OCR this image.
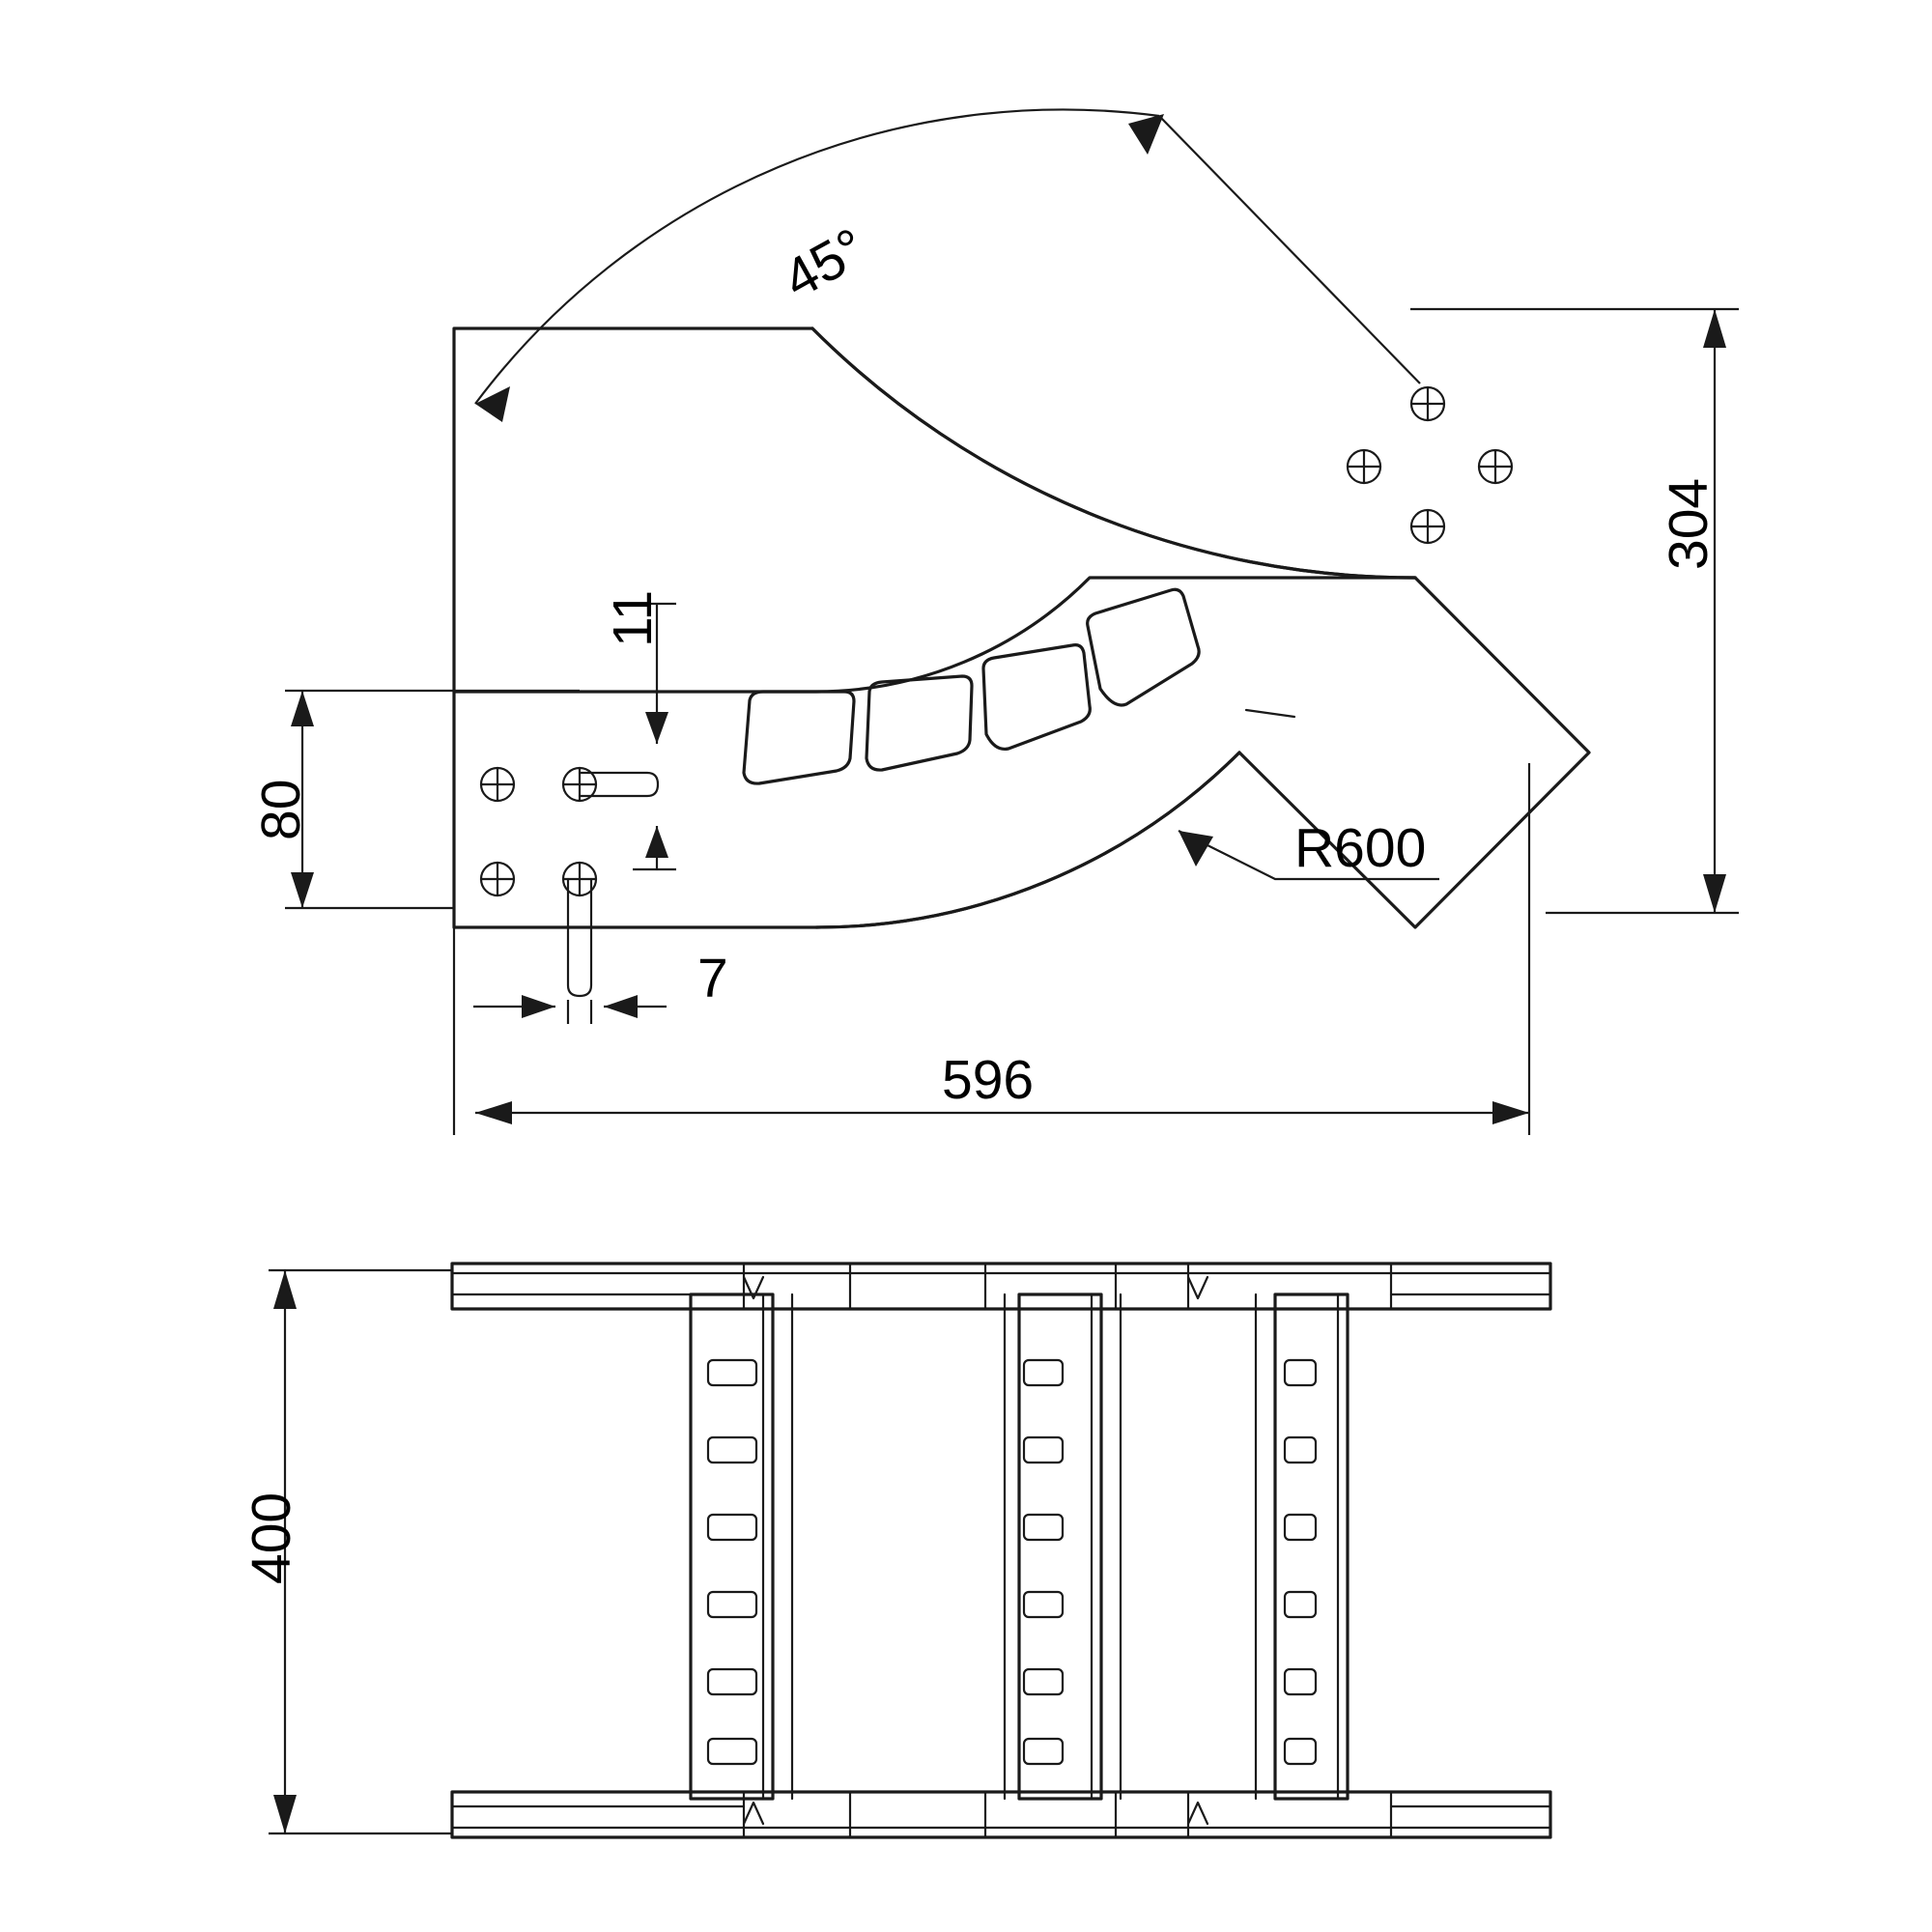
45°
304
80
11
7
596
R600
400
